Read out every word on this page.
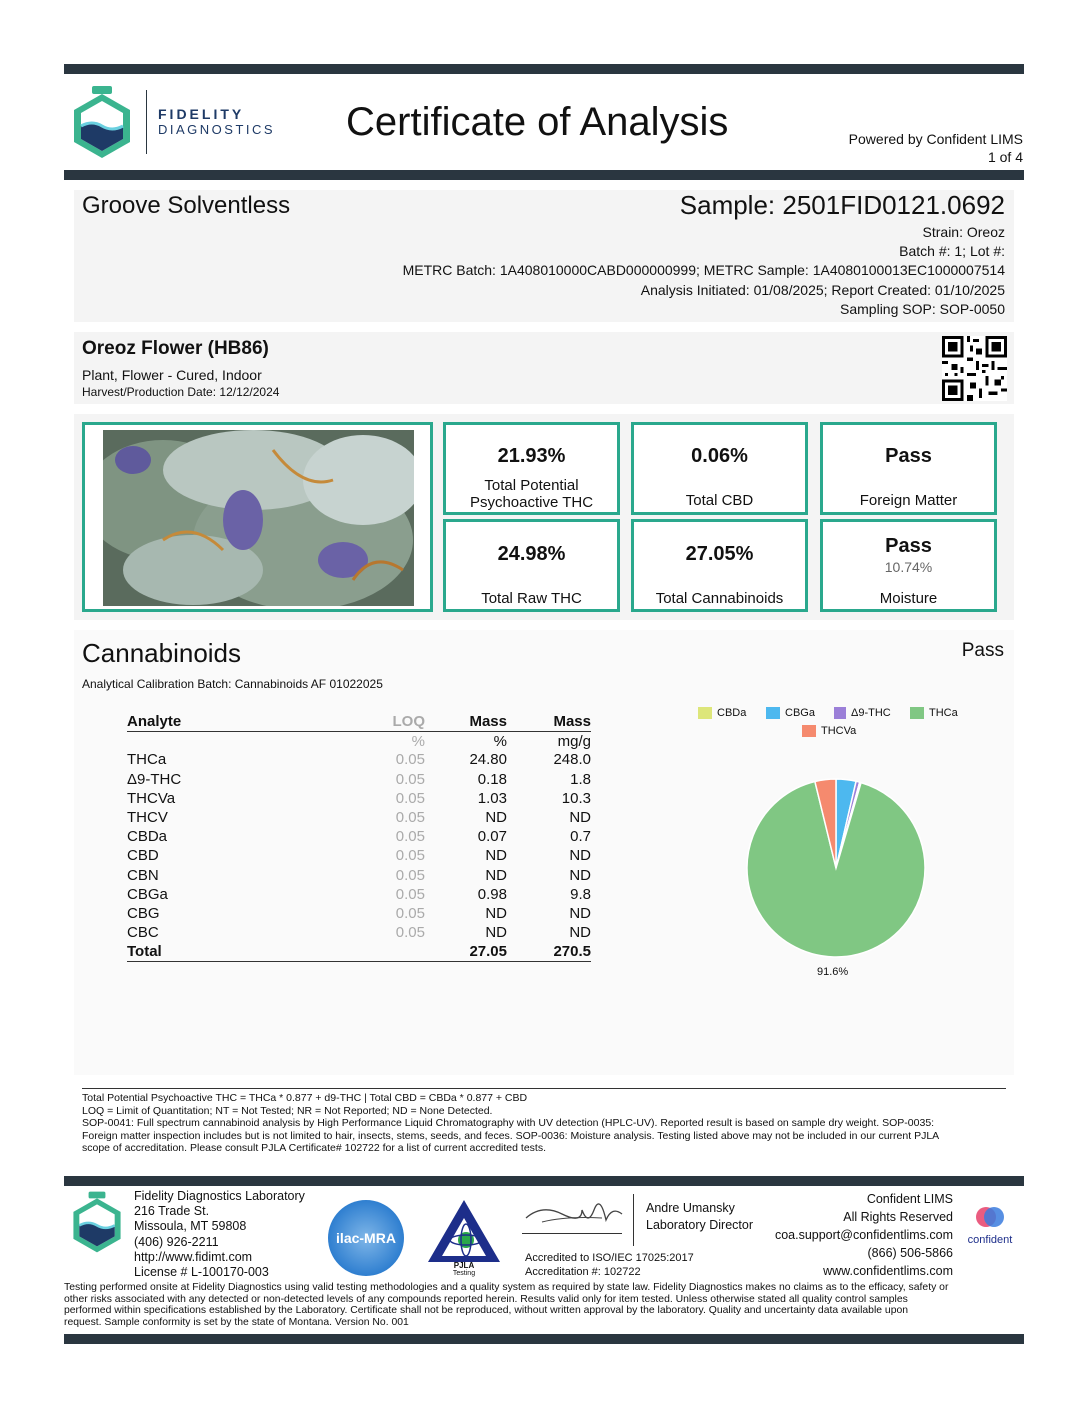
FIDELITY
DIAGNOSTICS Certificate of Analysis	Powered by Confident LIMS
1 of 4
Groove Solventless	Sample: 2501FID0121.0692
Strain: Oreoz
Batch #: 1; Lot #:
METRC Batch: 1A408010000CABD000000999; METRC Sample: 1A4080100013EC1000007514
Analysis Initiated: 01/08/2025; Report Created: 01/10/2025
Sampling SOP: SOP-0050
Oreoz Flower (HB86)
Plant, Flower - Cured, Indoor
Harvest/Production Date: 12/12/2024
21.93%
Total Potential
Psychoactive THC
0.06%
Total CBD
Pass
Foreign Matter
24.98%
Total Raw THC
27.05%
Total Cannabinoids
Pass
10.74%
Moisture
Cannabinoids	Pass
Analytical Calibration Batch: Cannabinoids AF 01022025
Analyte	LOQ	Mass	Mass
	%	%	mg/g
THCa	0.05	24.80	248.0
Δ9-THC	0.05	0.18	1.8
THCVa	0.05	1.03	10.3
THCV	0.05	ND	ND
CBDa	0.05	0.07	0.7
CBD	0.05	ND	ND
CBN	0.05	ND	ND
CBGa	0.05	0.98	9.8
CBG	0.05	ND	ND
CBC	0.05	ND	ND
Total		27.05	270.5
CBDa	CBGa	Δ9-THC	THCa
THCVa
91.6%
Total Potential Psychoactive THC = THCa * 0.877 + d9-THC | Total CBD = CBDa * 0.877 + CBD
LOQ = Limit of Quantitation; NT = Not Tested; NR = Not Reported; ND = None Detected.
SOP-0041: Full spectrum cannabinoid analysis by High Performance Liquid Chromatography with UV detection (HPLC-UV). Reported result is based on sample dry weight. SOP-0035:
Foreign matter inspection includes but is not limited to hair, insects, stems, seeds, and feces. SOP-0036: Moisture analysis. Testing listed above may not be included in our current PJLA
scope of accreditation. Please consult PJLA Certificate# 102722 for a list of current accredited tests.
Fidelity Diagnostics Laboratory
216 Trade St.
Missoula, MT 59808
(406) 926-2211
http://www.fidimt.com
License # L-100170-003
ilac-MRA
PJLA
Testing
Andre Umansky
Laboratory Director
Accredited to ISO/IEC 17025:2017
Accreditation #: 102722
Confident LIMS
All Rights Reserved
coa.support@confidentlims.com
(866) 506-5866
www.confidentlims.com
confident
Testing performed onsite at Fidelity Diagnostics using valid testing methodologies and a quality system as required by state law. Fidelity Diagnostics makes no claims as to the efficacy, safety or
other risks associated with any detected or non-detected levels of any compounds reported herein. Results valid only for item tested. Unless otherwise stated all quality control samples
performed within specifications established by the Laboratory. Certificate shall not be reproduced, without written approval by the laboratory. Quality and uncertainty data available upon
request. Sample conformity is set by the state of Montana. Version No. 001
